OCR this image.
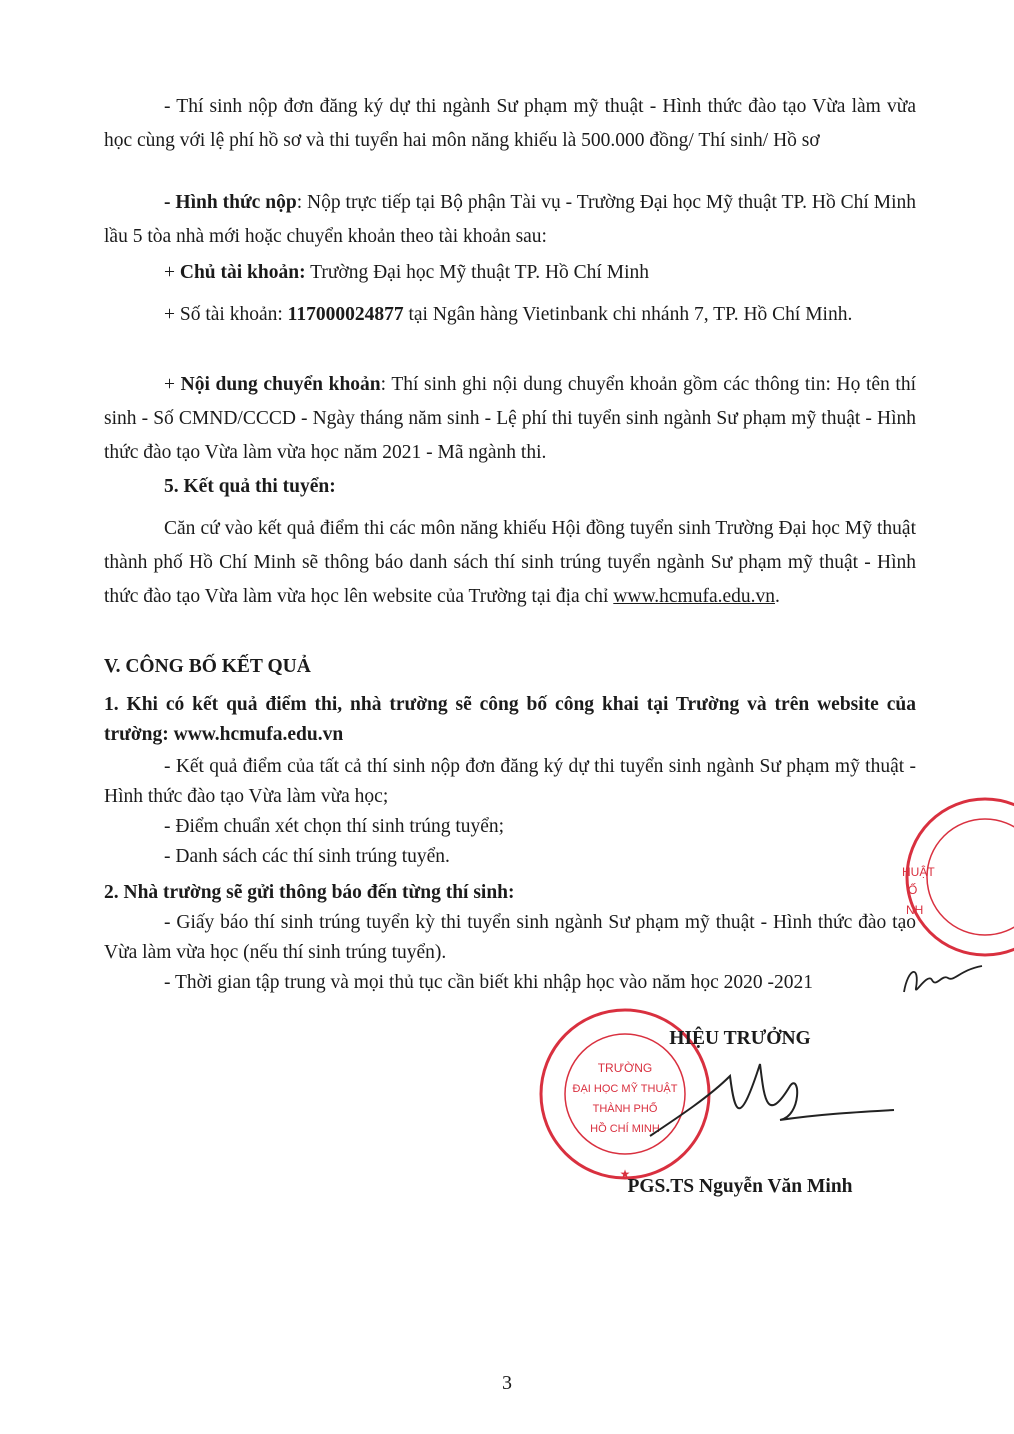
- Thí sinh nộp đơn đăng ký dự thi ngành Sư phạm mỹ thuật - Hình thức đào tạo Vừa làm vừa học cùng với lệ phí hồ sơ và thi tuyển hai môn năng khiếu là 500.000 đồng/ Thí sinh/ Hồ sơ

- Hình thức nộp: Nộp trực tiếp tại Bộ phận Tài vụ - Trường Đại học Mỹ thuật TP. Hồ Chí Minh lầu 5 tòa nhà mới hoặc chuyển khoản theo tài khoản sau:

+ Chủ tài khoản: Trường Đại học Mỹ thuật TP. Hồ Chí Minh

+ Số tài khoản: 117000024877 tại Ngân hàng Vietinbank chi nhánh 7, TP. Hồ Chí Minh.

+ Nội dung chuyển khoản: Thí sinh ghi nội dung chuyển khoản gồm các thông tin: Họ tên thí sinh - Số CMND/CCCD - Ngày tháng năm sinh - Lệ phí thi tuyển sinh ngành Sư phạm mỹ thuật - Hình thức đào tạo Vừa làm vừa học năm 2021 - Mã ngành thi.

5. Kết quả thi tuyển:

Căn cứ vào kết quả điểm thi các môn năng khiếu Hội đồng tuyển sinh Trường Đại học Mỹ thuật thành phố Hồ Chí Minh sẽ thông báo danh sách thí sinh trúng tuyển ngành Sư phạm mỹ thuật - Hình thức đào tạo Vừa làm vừa học lên website của Trường tại địa chỉ www.hcmufa.edu.vn.

V. CÔNG BỐ KẾT QUẢ

1. Khi có kết quả điểm thi, nhà trường sẽ công bố công khai tại Trường và trên website của trường: www.hcmufa.edu.vn

- Kết quả điểm của tất cả thí sinh nộp đơn đăng ký dự thi tuyển sinh ngành Sư phạm mỹ thuật - Hình thức đào tạo Vừa làm vừa học;

- Điểm chuẩn xét chọn thí sinh trúng tuyển;

- Danh sách các thí sinh trúng tuyển.

2. Nhà trường sẽ gửi thông báo đến từng thí sinh:

- Giấy báo thí sinh trúng tuyển kỳ thi tuyển sinh ngành Sư phạm mỹ thuật - Hình thức đào tạo Vừa làm vừa học (nếu thí sinh trúng tuyển).

- Thời gian tập trung và mọi thủ tục cần biết khi nhập học vào năm học 2020 -2021

HUẬT
Ố
NH
TRƯỜNG
ĐẠI HỌC MỸ THUẬT
THÀNH PHỐ
HỒ CHÍ MINH
★
HIỆU TRƯỞNG
PGS.TS Nguyễn Văn Minh
3
